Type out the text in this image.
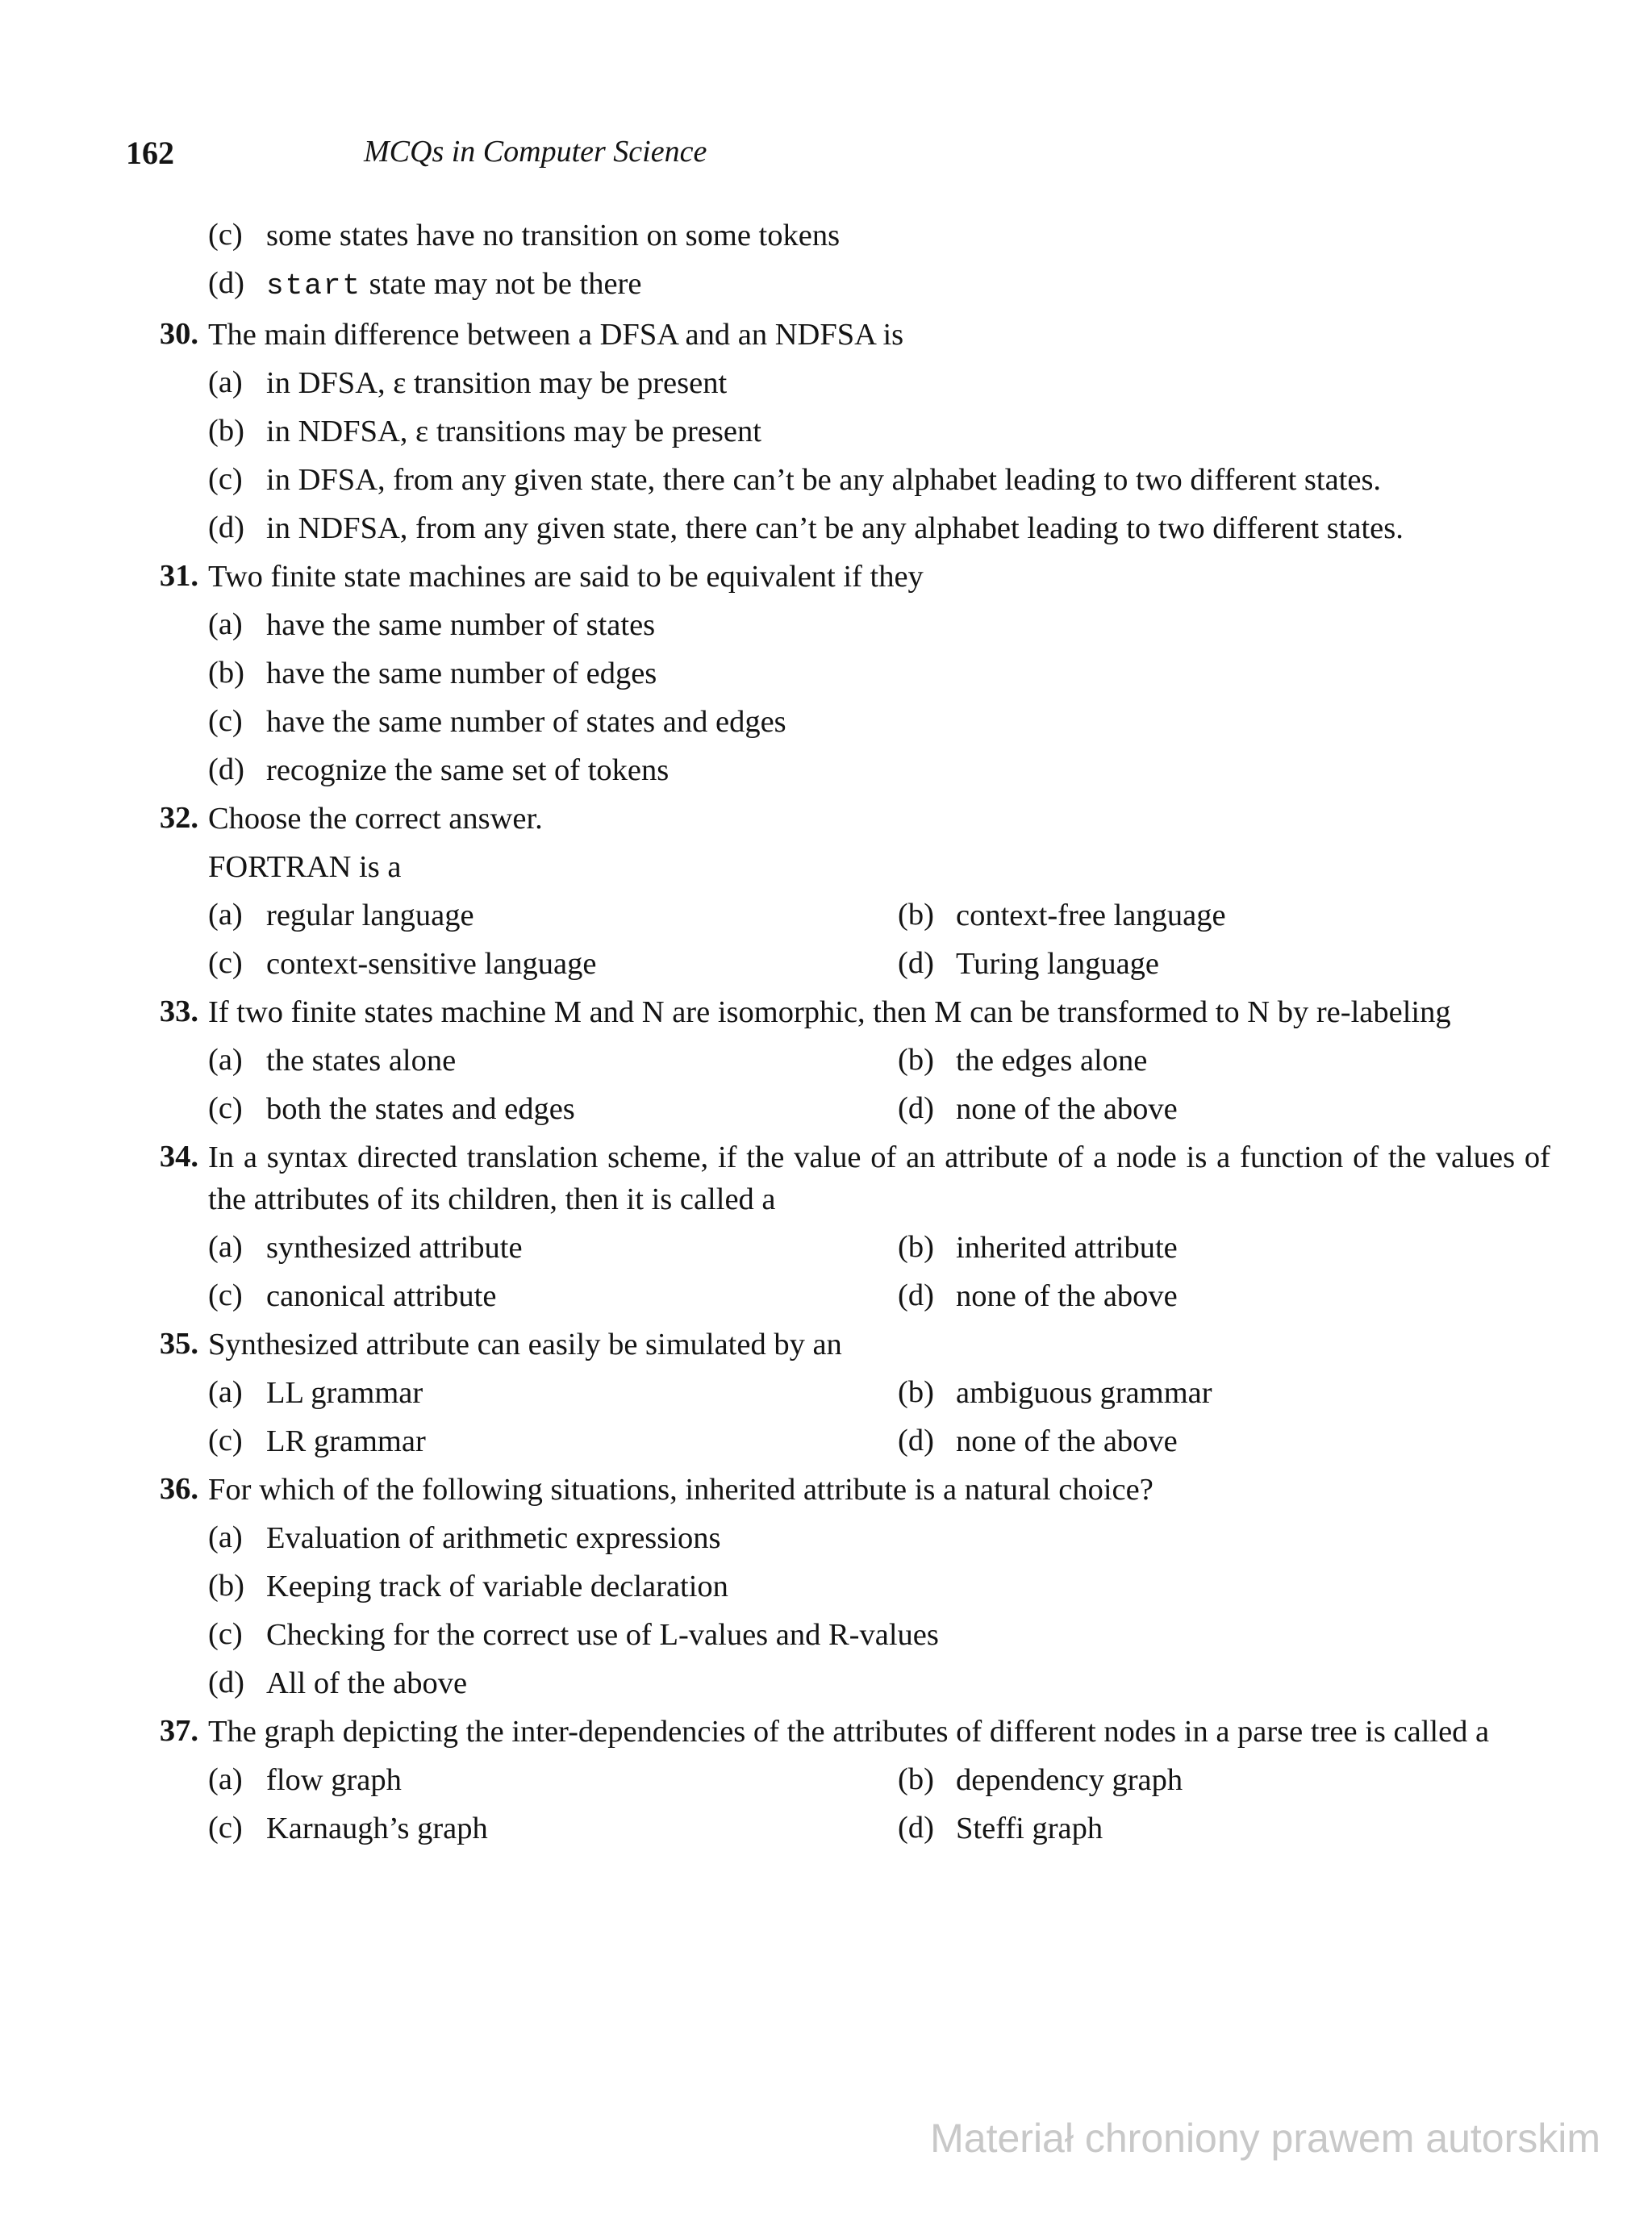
162	MCQs in Computer Science
(c) some states have no transition on some tokens
(d) start state may not be there
30. The main difference between a DFSA and an NDFSA is
(a) in DFSA, ε transition may be present
(b) in NDFSA, ε transitions may be present
(c) in DFSA, from any given state, there can’t be any alphabet leading to two different states.
(d) in NDFSA, from any given state, there can’t be any alphabet leading to two different states.
31. Two finite state machines are said to be equivalent if they
(a) have the same number of states
(b) have the same number of edges
(c) have the same number of states and edges
(d) recognize the same set of tokens
32. Choose the correct answer.
FORTRAN is a
(a) regular language	(b) context-free language
(c) context-sensitive language	(d) Turing language
33. If two finite states machine M and N are isomorphic, then M can be transformed to N by re-labeling
(a) the states alone	(b) the edges alone
(c) both the states and edges	(d) none of the above
34. In a syntax directed translation scheme, if the value of an attribute of a node is a function of the values of the attributes of its children, then it is called a
(a) synthesized attribute	(b) inherited attribute
(c) canonical attribute	(d) none of the above
35. Synthesized attribute can easily be simulated by an
(a) LL grammar	(b) ambiguous grammar
(c) LR grammar	(d) none of the above
36. For which of the following situations, inherited attribute is a natural choice?
(a) Evaluation of arithmetic expressions
(b) Keeping track of variable declaration
(c) Checking for the correct use of L-values and R-values
(d) All of the above
37. The graph depicting the inter-dependencies of the attributes of different nodes in a parse tree is called a
(a) flow graph	(b) dependency graph
(c) Karnaugh’s graph	(d) Steffi graph
Materiał chroniony prawem autorskim
